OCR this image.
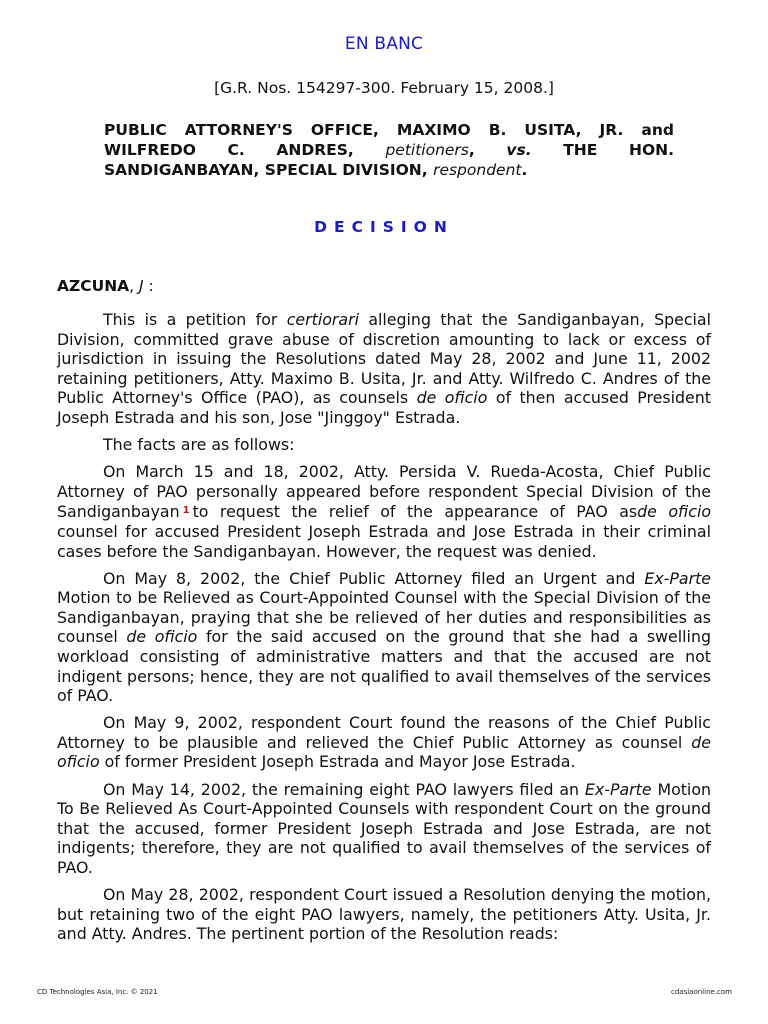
EN BANC
[G.R. Nos. 154297-300. February 15, 2008.]
PUBLIC ATTORNEY'S OFFICE, MAXIMO B. USITA, JR. and WILFREDO C. ANDRES, petitioners, vs. THE HON. SANDIGANBAYAN, SPECIAL DIVISION, respondent.
DECISION
AZCUNA, J :

This is a petition for certiorari alleging that the Sandiganbayan, Special Division, committed grave abuse of discretion amounting to lack or excess of jurisdiction in issuing the Resolutions dated May 28, 2002 and June 11, 2002 retaining petitioners, Atty. Maximo B. Usita, Jr. and Atty. Wilfredo C. Andres of the Public Attorney's Office (PAO), as counsels de oficio of then accused President Joseph Estrada and his son, Jose "Jinggoy" Estrada.

The facts are as follows:

On March 15 and 18, 2002, Atty. Persida V. Rueda-Acosta, Chief Public Attorney of PAO personally appeared before respondent Special Division of the Sandiganbayan $^1$ to request the relief of the appearance of PAO asde oficio counsel for accused President Joseph Estrada and Jose Estrada in their criminal cases before the Sandiganbayan. However, the request was denied.

On May 8, 2002, the Chief Public Attorney filed an Urgent and Ex-Parte Motion to be Relieved as Court-Appointed Counsel with the Special Division of the Sandiganbayan, praying that she be relieved of her duties and responsibilities as counsel de oficio for the said accused on the ground that she had a swelling workload consisting of administrative matters and that the accused are not indigent persons; hence, they are not qualified to avail themselves of the services of PAO.

On May 9, 2002, respondent Court found the reasons of the Chief Public Attorney to be plausible and relieved the Chief Public Attorney as counsel de oficio of former President Joseph Estrada and Mayor Jose Estrada.

On May 14, 2002, the remaining eight PAO lawyers filed an Ex-Parte Motion To Be Relieved As Court-Appointed Counsels with respondent Court on the ground that the accused, former President Joseph Estrada and Jose Estrada, are not indigents; therefore, they are not qualified to avail themselves of the services of PAO.

On May 28, 2002, respondent Court issued a Resolution denying the motion, but retaining two of the eight PAO lawyers, namely, the petitioners Atty. Usita, Jr. and Atty. Andres. The pertinent portion of the Resolution reads:

CD Technologies Asia, Inc. © 2021	cdasiaonline.com
